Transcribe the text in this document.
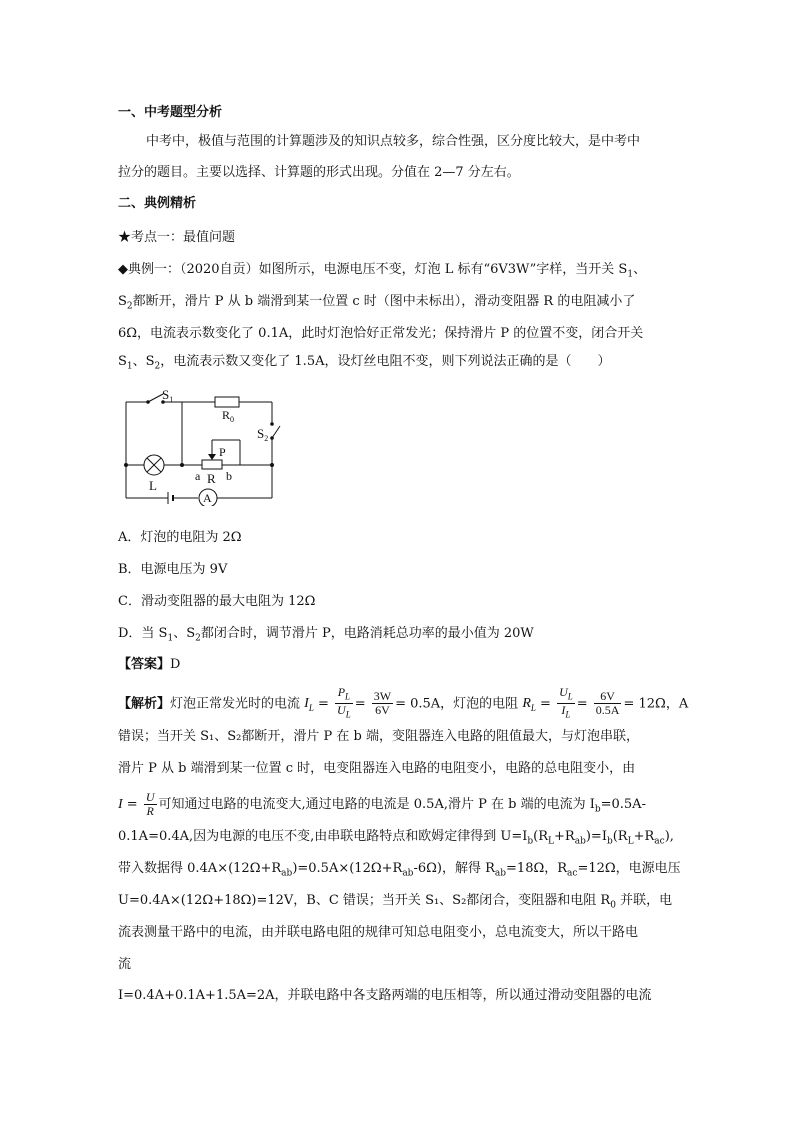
一、中考题型分析
中考中，极值与范围的计算题涉及的知识点较多，综合性强，区分度比较大，是中考中
拉分的题目。主要以选择、计算题的形式出现。分值在 2—7 分左右。
二、典例精析
★考点一：最值问题
◆典例一：（2020自贡）如图所示，电源电压不变，灯泡 L 标有“6V3W”字样，当开关 $S_1$、
$S_2$都断开，滑片 P 从 b 端滑到某一位置 c 时（图中未标出），滑动变阻器 R 的电阻减小了
6Ω，电流表示数变化了 0.1A，此时灯泡恰好正常发光；保持滑片 P 的位置不变，闭合开关
$S_1$、$S_2$，电流表示数又变化了 1.5A，设灯丝电阻不变，则下列说法正确的是（　　）
$S_1$
$R_0$
$S_2$
P
a R b
L
A
A．灯泡的电阻为 2Ω
B．电源电压为 9V
C．滑动变阻器的最大电阻为 12Ω
D．当 $S_1$、$S_2$都闭合时，调节滑片 P，电路消耗总功率的最小值为 20W
【答案】D
【解析】灯泡正常发光时的电流 $I_L = \frac{P_L}{U_L} = \frac{3W}{6V} = 0.5A$，灯泡的电阻 $R_L = \frac{U_L}{I_L} = \frac{6V}{0.5A} = 12\Omega$，A
错误；当开关 S₁、S₂都断开，滑片 P 在 b 端，变阻器连入电路的阻值最大，与灯泡串联，
滑片 P 从 b 端滑到某一位置 c 时，电变阻器连入电路的电阻变小，电路的总电阻变小，由
$I = \frac{U}{R}$ 可知通过电路的电流变大,通过电路的电流是 0.5A,滑片 P 在 b 端的电流为 $I_b=0.5A-$
0.1A=0.4A,因为电源的电压不变,由串联电路特点和欧姆定律得到 $U=I_b(R_L+R_{ab})=I_b(R_L+R_{ac})$,
带入数据得 $0.4A\times(12\Omega+R_{ab})=0.5A\times(12\Omega+R_{ab}-6\Omega)$，解得 $R_{ab}=18\Omega$，$R_{ac}=12\Omega$，电源电压
U=0.4A×(12Ω+18Ω)=12V，B、C 错误；当开关 S₁、S₂都闭合，变阻器和电阻 $R_0$ 并联，电
流表测量干路中的电流，由并联电路电阻的规律可知总电阻变小，总电流变大，所以干路电
流
I=0.4A+0.1A+1.5A=2A，并联电路中各支路两端的电压相等，所以通过滑动变阻器的电流
